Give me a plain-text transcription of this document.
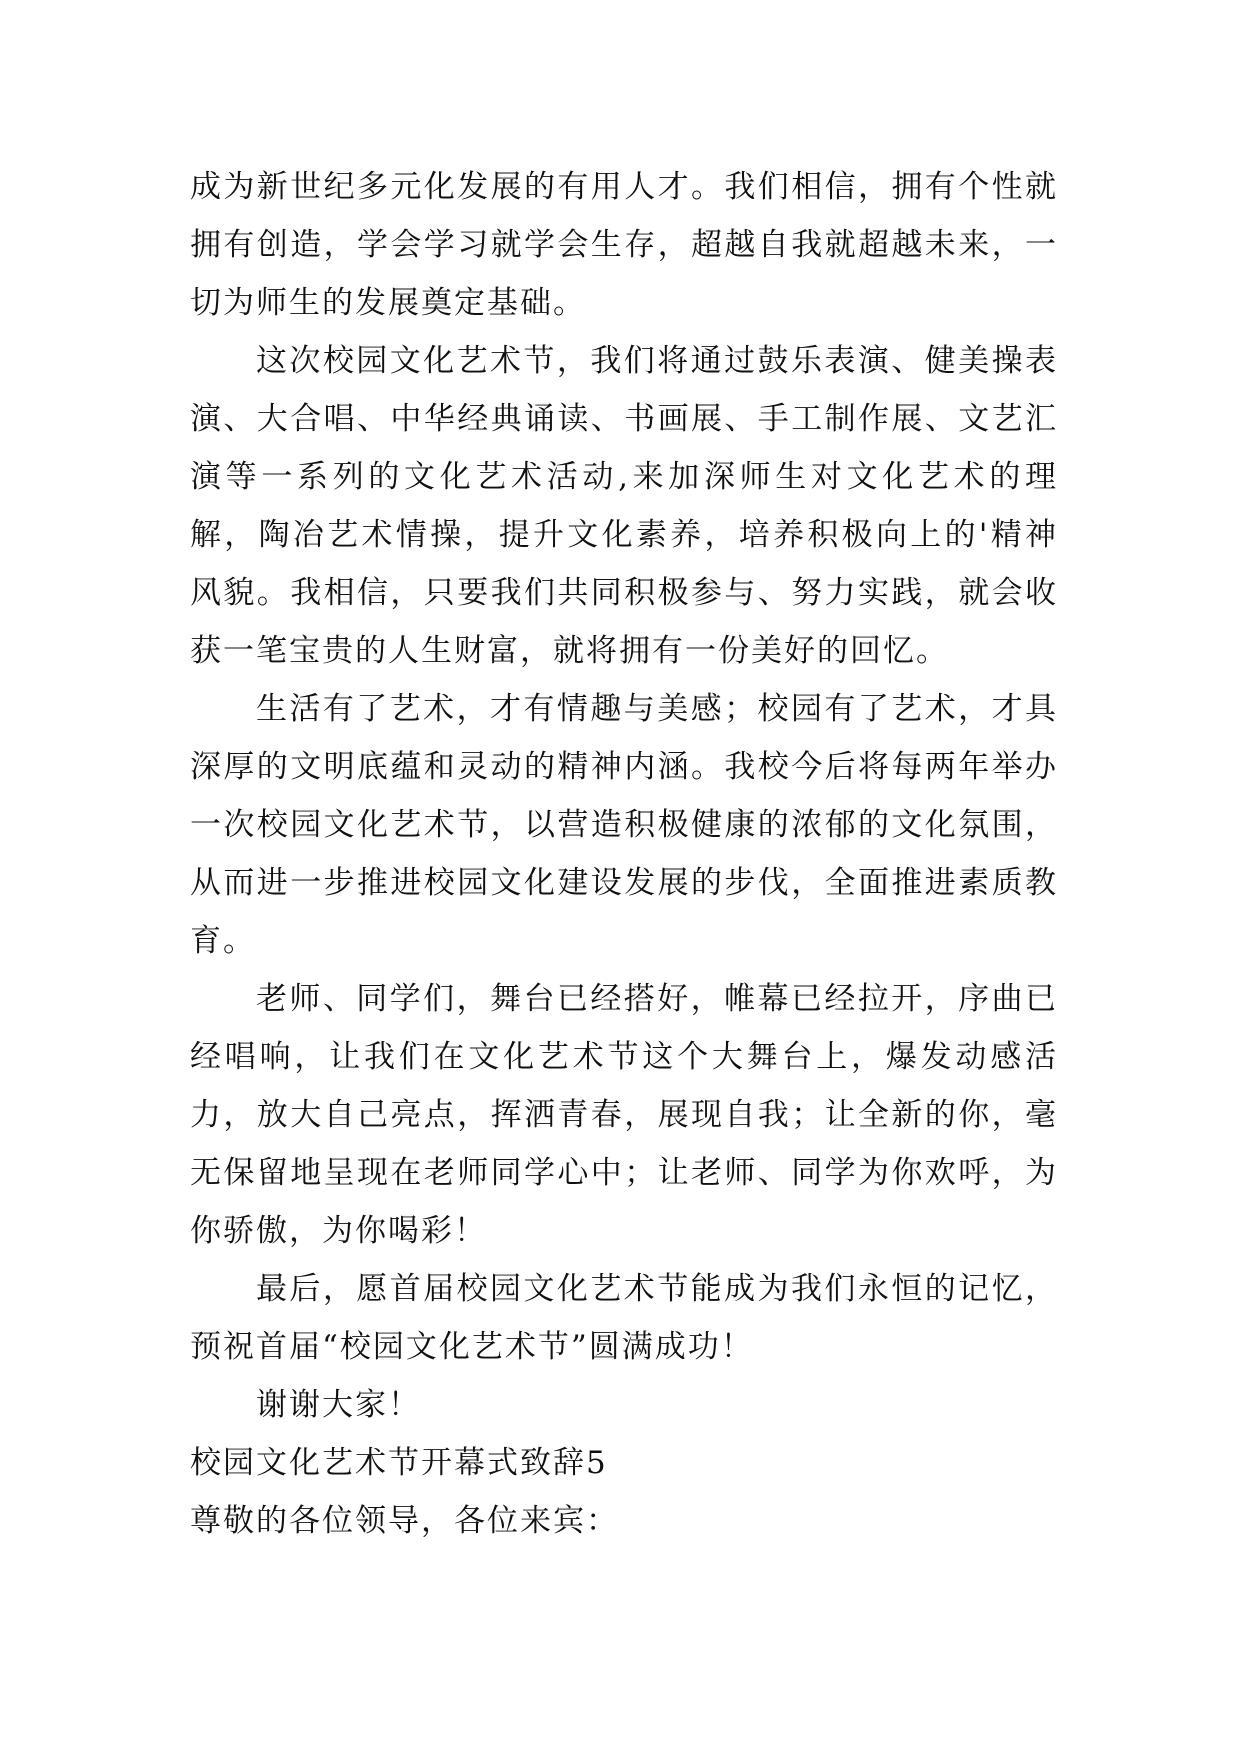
成为新世纪多元化发展的有用人才。我们相信，拥有个性就拥有创造，学会学习就学会生存，超越自我就超越未来，一切为师生的发展奠定基础。

这次校园文化艺术节，我们将通过鼓乐表演、健美操表演、大合唱、中华经典诵读、书画展、手工制作展、文艺汇演等一系列的文化艺术活动,来加深师生对文化艺术的理解，陶冶艺术情操，提升文化素养，培养积极向上的'精神风貌。我相信，只要我们共同积极参与、努力实践，就会收获一笔宝贵的人生财富，就将拥有一份美好的回忆。

生活有了艺术，才有情趣与美感；校园有了艺术，才具深厚的文明底蕴和灵动的精神内涵。我校今后将每两年举办一次校园文化艺术节，以营造积极健康的浓郁的文化氛围，从而进一步推进校园文化建设发展的步伐，全面推进素质教育。

老师、同学们，舞台已经搭好，帷幕已经拉开，序曲已经唱响，让我们在文化艺术节这个大舞台上，爆发动感活力，放大自己亮点，挥洒青春，展现自我；让全新的你，毫无保留地呈现在老师同学心中；让老师、同学为你欢呼，为你骄傲，为你喝彩！

最后，愿首届校园文化艺术节能成为我们永恒的记忆，预祝首届“校园文化艺术节”圆满成功！

谢谢大家！

校园文化艺术节开幕式致辞5

尊敬的各位领导，各位来宾：
